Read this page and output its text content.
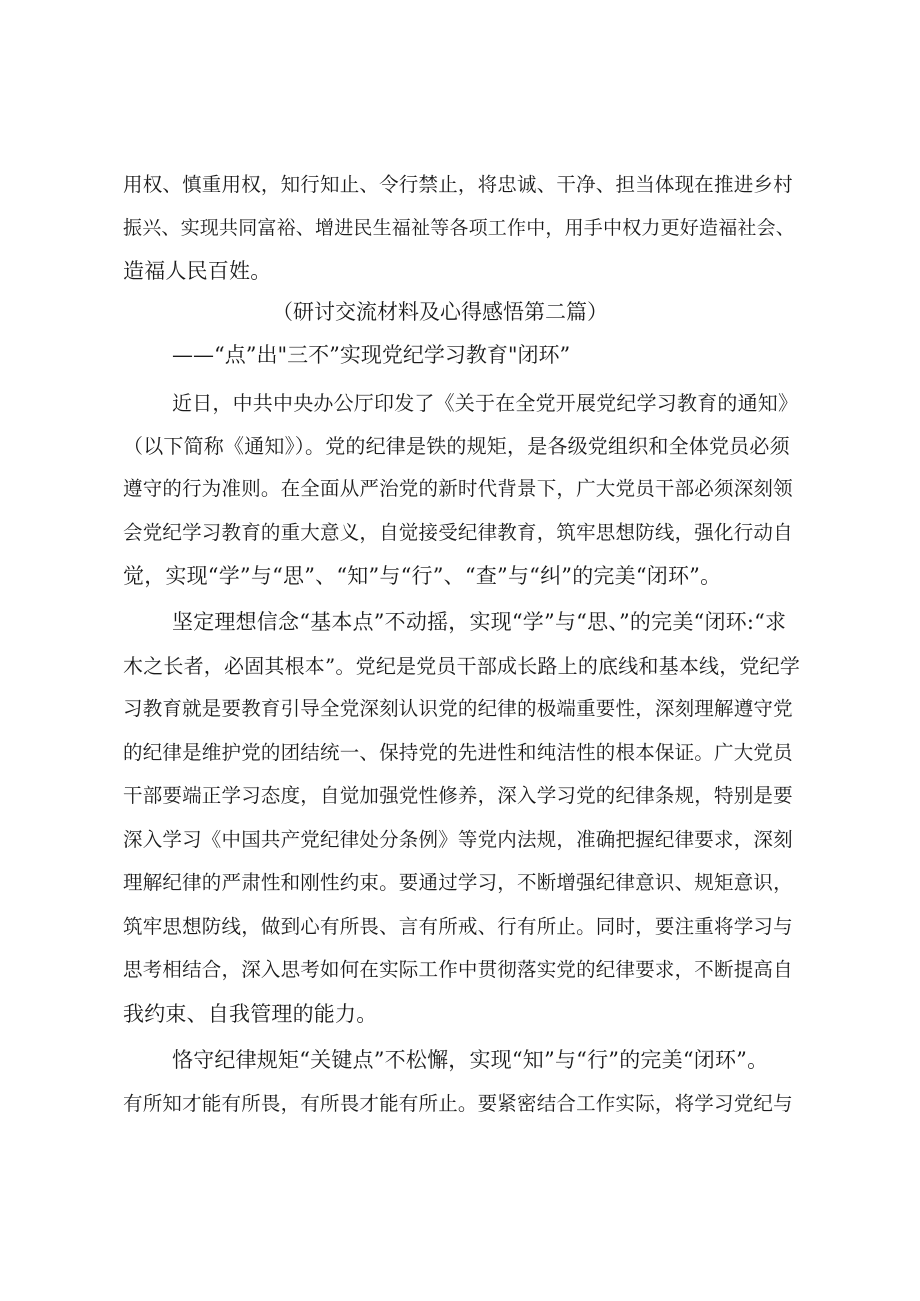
用权、慎重用权，知行知止、令行禁止，将忠诚、干净、担当体现在推进乡村
振兴、实现共同富裕、增进民生福祉等各项工作中，用手中权力更好造福社会、
造福人民百姓。
（研讨交流材料及心得感悟第二篇）
——“点”出"三不”实现党纪学习教育"闭环”
近日，中共中央办公厅印发了《关于在全党开展党纪学习教育的通知》
（以下简称《通知》）。党的纪律是铁的规矩，是各级党组织和全体党员必须
遵守的行为准则。在全面从严治党的新时代背景下，广大党员干部必须深刻领
会党纪学习教育的重大意义，自觉接受纪律教育，筑牢思想防线，强化行动自
觉，实现“学”与“思”、“知”与“行”、“查”与“纠”的完美“闭环”。
坚定理想信念“基本点”不动摇，实现“学”与“思、”的完美“闭环:“求
木之长者，必固其根本”。党纪是党员干部成长路上的底线和基本线，党纪学
习教育就是要教育引导全党深刻认识党的纪律的极端重要性，深刻理解遵守党
的纪律是维护党的团结统一、保持党的先进性和纯洁性的根本保证。广大党员
干部要端正学习态度，自觉加强党性修养，深入学习党的纪律条规，特别是要
深入学习《中国共产党纪律处分条例》等党内法规，准确把握纪律要求，深刻
理解纪律的严肃性和刚性约束。要通过学习，不断增强纪律意识、规矩意识，
筑牢思想防线，做到心有所畏、言有所戒、行有所止。同时，要注重将学习与
思考相结合，深入思考如何在实际工作中贯彻落实党的纪律要求，不断提高自
我约束、自我管理的能力。
恪守纪律规矩“关键点”不松懈，实现“知”与“行”的完美“闭环”。
有所知才能有所畏，有所畏才能有所止。要紧密结合工作实际，将学习党纪与
